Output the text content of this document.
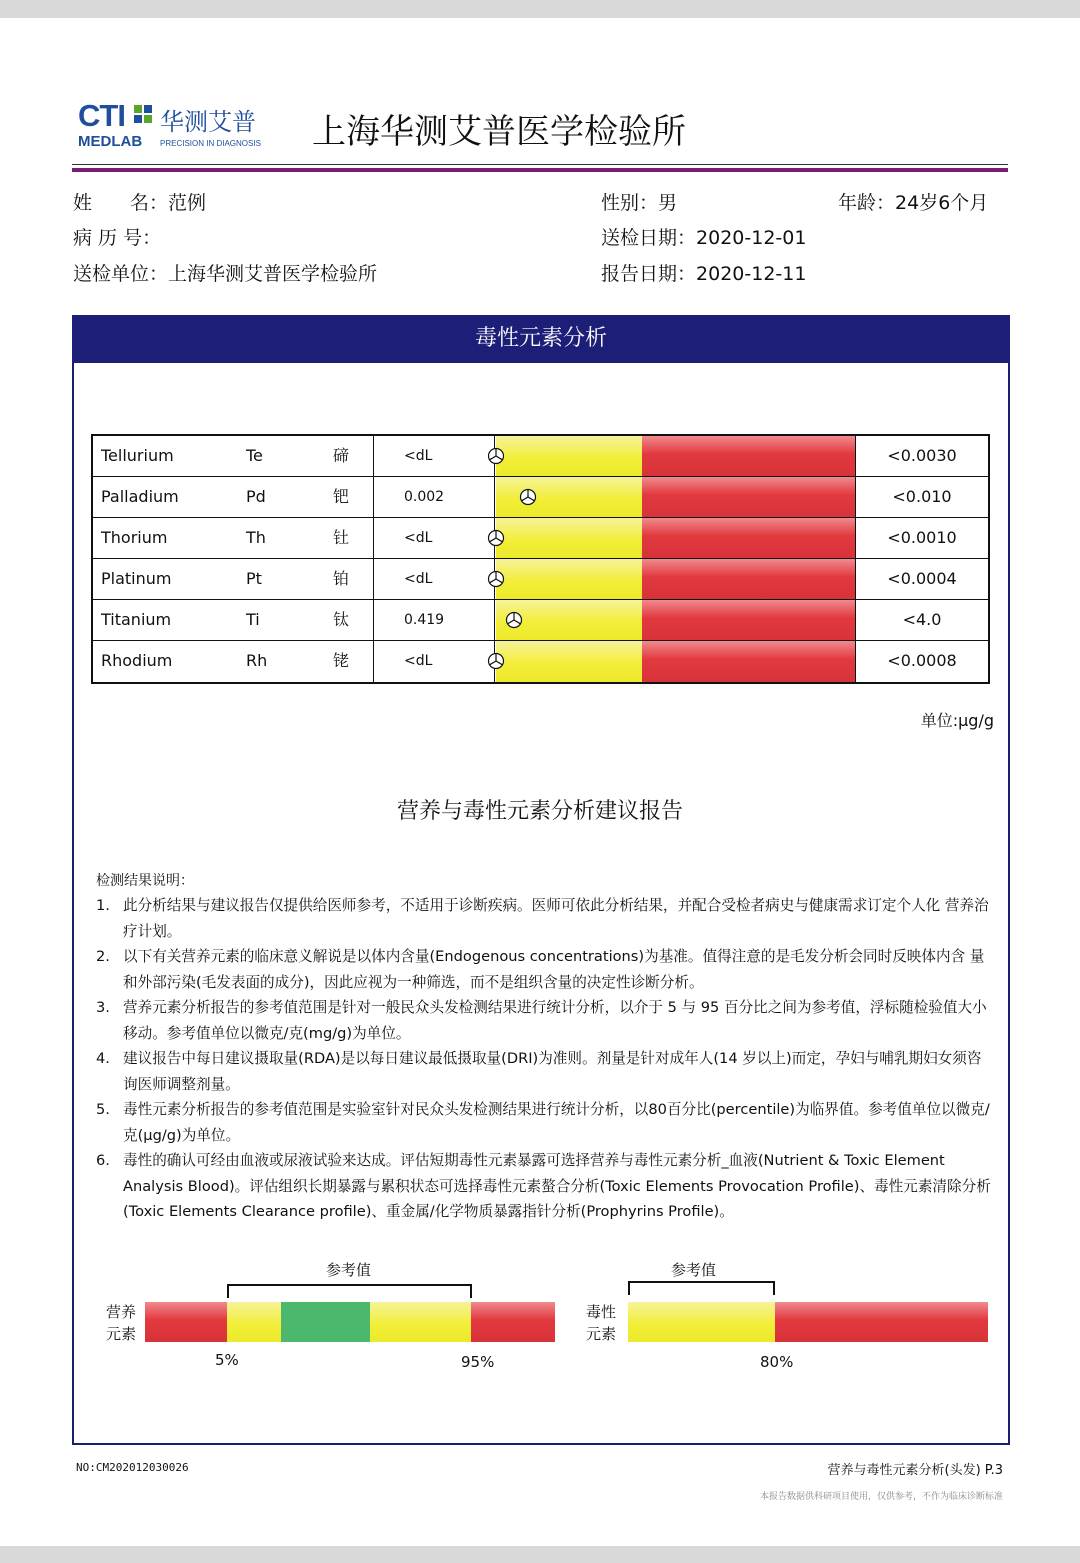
CTI 华测艾普
MEDLAB PRECISION IN DIAGNOSIS 上海华测艾普医学检验所
姓　　名：范例
病 历 号：
送检单位：上海华测艾普医学检验所
性别：男	年龄：24岁6个月
送检日期：2020-12-01
报告日期：2020-12-11
毒性元素分析
Tellurium	Te	碲	<dL	<0.0030
Palladium	Pd	钯	0.002	<0.010
Thorium	Th	钍	<dL	<0.0010
Platinum	Pt	铂	<dL	<0.0004
Titanium	Ti	钛	0.419	<4.0
Rhodium	Rh	铑	<dL	<0.0008
单位:μg/g
营养与毒性元素分析建议报告
检测结果说明：
1. 此分析结果与建议报告仅提供给医师参考，不适用于诊断疾病。医师可依此分析结果，并配合受检者病史与健康需求订定个人化 营养治疗计划。
2. 以下有关营养元素的临床意义解说是以体内含量(Endogenous concentrations)为基准。值得注意的是毛发分析会同时反映体内含 量和外部污染(毛发表面的成分)，因此应视为一种筛选，而不是组织含量的决定性诊断分析。
3. 营养元素分析报告的参考值范围是针对一般民众头发检测结果进行统计分析，以介于 5 与 95 百分比之间为参考值，浮标随检验值大小移动。参考值单位以微克/克(mg/g)为单位。
4. 建议报告中每日建议摄取量(RDA)是以每日建议最低摄取量(DRI)为准则。剂量是针对成年人(14 岁以上)而定，孕妇与哺乳期妇女须咨询医师调整剂量。
5. 毒性元素分析报告的参考值范围是实验室针对民众头发检测结果进行统计分析，以80百分比(percentile)为临界值。参考值单位以微克/克(μg/g)为单位。
6. 毒性的确认可经由血液或尿液试验来达成。评估短期毒性元素暴露可选择营养与毒性元素分析_血液(Nutrient & Toxic Element Analysis Blood)。评估组织长期暴露与累积状态可选择毒性元素螯合分析(Toxic Elements Provocation Profile)、毒性元素清除分析(Toxic Elements Clearance profile)、重金属/化学物质暴露指针分析(Prophyrins Profile)。
营养
元素
参考值
5%	95%
毒性
元素
参考值
80%
NO:CM202012030026	营养与毒性元素分析(头发) P.3
本报告数据供科研项目使用，仅供参考，不作为临床诊断标准
